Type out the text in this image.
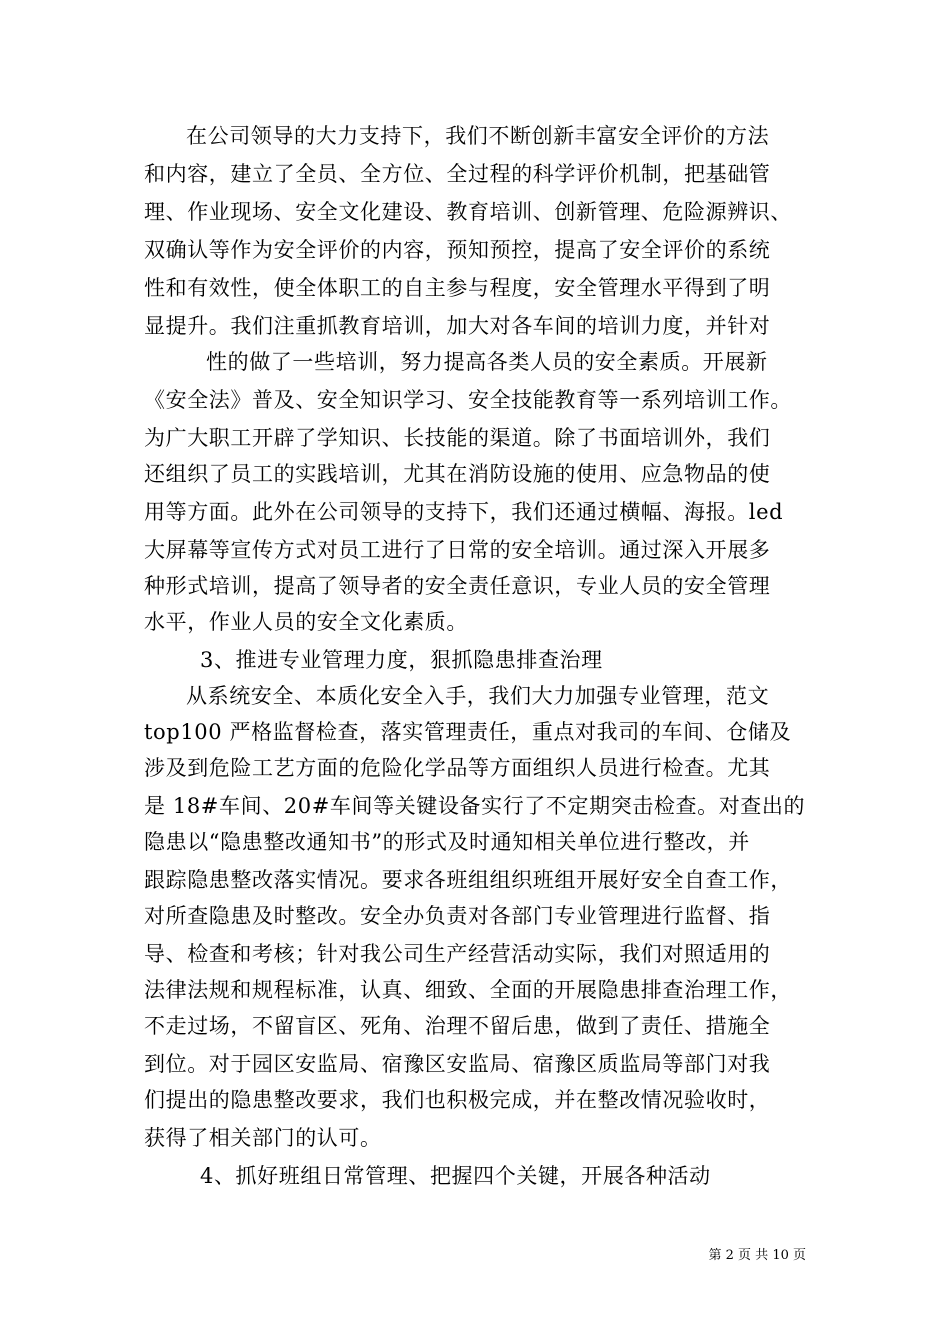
在公司领导的大力支持下，我们不断创新丰富安全评价的方法
和内容，建立了全员、全方位、全过程的科学评价机制，把基础管
理、作业现场、安全文化建设、教育培训、创新管理、危险源辨识、
双确认等作为安全评价的内容，预知预控，提高了安全评价的系统
性和有效性，使全体职工的自主参与程度，安全管理水平得到了明
显提升。我们注重抓教育培训，加大对各车间的培训力度，并针对
性的做了一些培训，努力提高各类人员的安全素质。开展新
《安全法》普及、安全知识学习、安全技能教育等一系列培训工作。
为广大职工开辟了学知识、长技能的渠道。除了书面培训外，我们
还组织了员工的实践培训，尤其在消防设施的使用、应急物品的使
用等方面。此外在公司领导的支持下，我们还通过横幅、海报。led
大屏幕等宣传方式对员工进行了日常的安全培训。通过深入开展多
种形式培训，提高了领导者的安全责任意识，专业人员的安全管理
水平，作业人员的安全文化素质。
3、推进专业管理力度，狠抓隐患排查治理
从系统安全、本质化安全入手，我们大力加强专业管理，范文
top100 严格监督检查，落实管理责任，重点对我司的车间、仓储及
涉及到危险工艺方面的危险化学品等方面组织人员进行检查。尤其
是 18#车间、20#车间等关键设备实行了不定期突击检查。对查出的
隐患以“隐患整改通知书”的形式及时通知相关单位进行整改，并
跟踪隐患整改落实情况。要求各班组组织班组开展好安全自查工作，
对所查隐患及时整改。安全办负责对各部门专业管理进行监督、指
导、检查和考核；针对我公司生产经营活动实际，我们对照适用的
法律法规和规程标准，认真、细致、全面的开展隐患排查治理工作，
不走过场，不留盲区、死角、治理不留后患，做到了责任、措施全
到位。对于园区安监局、宿豫区安监局、宿豫区质监局等部门对我
们提出的隐患整改要求，我们也积极完成，并在整改情况验收时，
获得了相关部门的认可。
4、抓好班组日常管理、把握四个关键，开展各种活动
第 2 页 共 10 页
